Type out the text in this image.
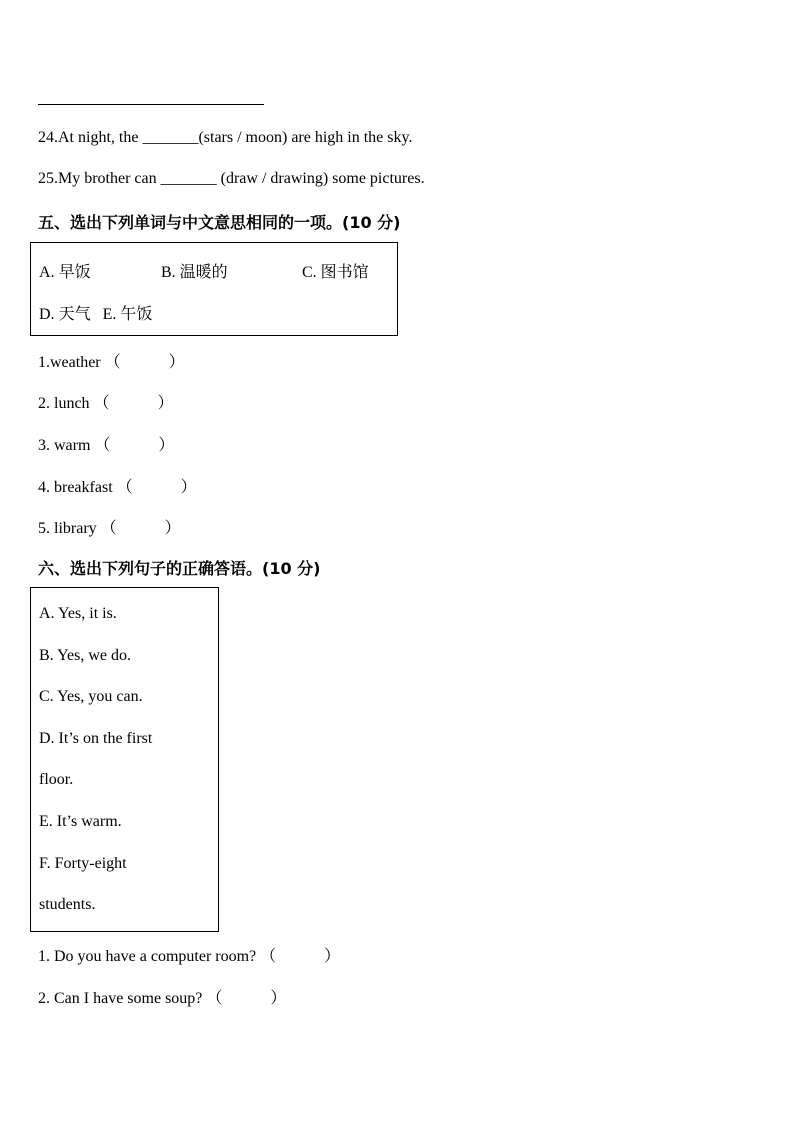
24.At night, the _______(stars / moon) are high in the sky.
25.My brother can _______ (draw / drawing) some pictures.
五、选出下列单词与中文意思相同的一项。(10 分)
A. 早饭	B. 温暖的	C. 图书馆
D. 天气 E. 午饭
1.weather （　　　）
2. lunch （　　　）
3. warm （　　　）
4. breakfast （　　　）
5. library （　　　）
六、选出下列句子的正确答语。(10 分)
A. Yes, it is.
B. Yes, we do.
C. Yes, you can.
D. It’s on the first
floor.
E. It’s warm.
F. Forty-eight
students.
1. Do you have a computer room? （　　　）
2. Can I have some soup? （　　　）
